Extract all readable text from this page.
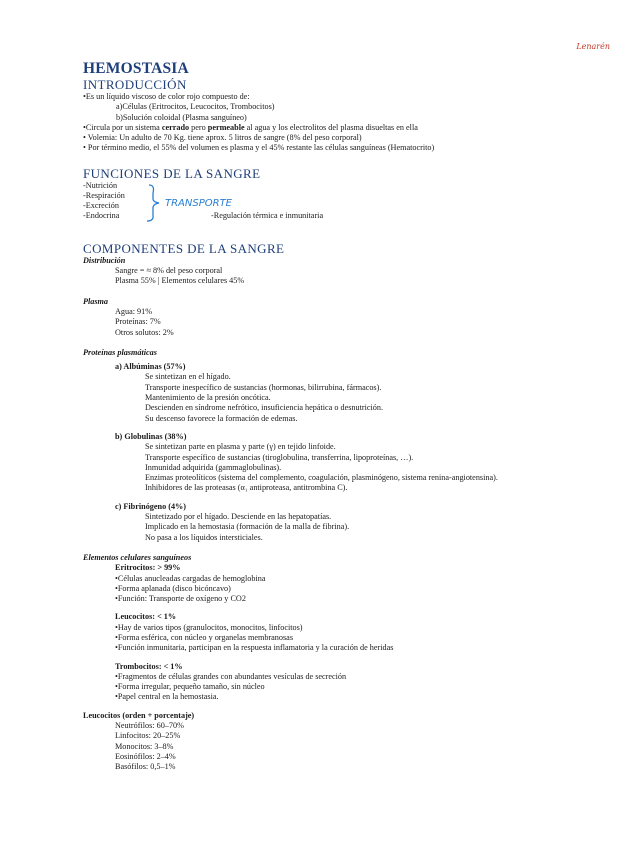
Lenarén
HEMOSTASIA
INTRODUCCIÓN
•Es un líquido viscoso de color rojo compuesto de:
a)Células (Eritrocitos, Leucocitos, Trombocitos)
b)Solución coloidal (Plasma sanguíneo)
•Circula por un sistema cerrado pero permeable al agua y los electrolitos del plasma disueltas en ella
• Volemia: Un adulto de 70 Kg. tiene aprox. 5 litros de sangre (8% del peso corporal)
• Por término medio, el 55% del volumen es plasma y el 45% restante las células sanguíneas (Hematocrito)
FUNCIONES DE LA SANGRE
-Nutrición
-Respiración
-Excreción
-Endocrina
TRANSPORTE
-Regulación térmica e inmunitaria
COMPONENTES DE LA SANGRE
Distribución
Sangre = ≈ 8% del peso corporal
Plasma 55% | Elementos celulares 45%
Plasma
Agua: 91%
Proteínas: 7%
Otros solutos: 2%
Proteínas plasmáticas
a) Albúminas (57%)
Se sintetizan en el hígado.
Transporte inespecífico de sustancias (hormonas, bilirrubina, fármacos).
Mantenimiento de la presión oncótica.
Descienden en síndrome nefrótico, insuficiencia hepática o desnutrición.
Su descenso favorece la formación de edemas.
b) Globulinas (38%)
Se sintetizan parte en plasma y parte (γ) en tejido linfoide.
Transporte específico de sustancias (tiroglobulina, transferrina, lipoproteínas, …).
Inmunidad adquirida (gammaglobulinas).
Enzimas proteolíticos (sistema del complemento, coagulación, plasminógeno, sistema renina-angiotensina).
Inhibidores de las proteasas (α₁ antiproteasa, antitrombina C).
c) Fibrinógeno (4%)
Sintetizado por el hígado. Desciende en las hepatopatías.
Implicado en la hemostasia (formación de la malla de fibrina).
No pasa a los líquidos intersticiales.
Elementos celulares sanguíneos
Eritrocitos: > 99%
•Células anucleadas cargadas de hemoglobina
•Forma aplanada (disco bicóncavo)
•Función: Transporte de oxígeno y CO2
Leucocitos: < 1%
•Hay de varios tipos (granulocitos, monocitos, linfocitos)
•Forma esférica, con núcleo y organelas membranosas
•Función inmunitaria, participan en la respuesta inflamatoria y la curación de heridas
Trombocitos: < 1%
•Fragmentos de células grandes con abundantes vesículas de secreción
•Forma irregular, pequeño tamaño, sin núcleo
•Papel central en la hemostasia.
Leucocitos (orden + porcentaje)
Neutrófilos: 60–70%
Linfocitos: 20–25%
Monocitos: 3–8%
Eosinófilos: 2–4%
Basófilos: 0,5–1%
